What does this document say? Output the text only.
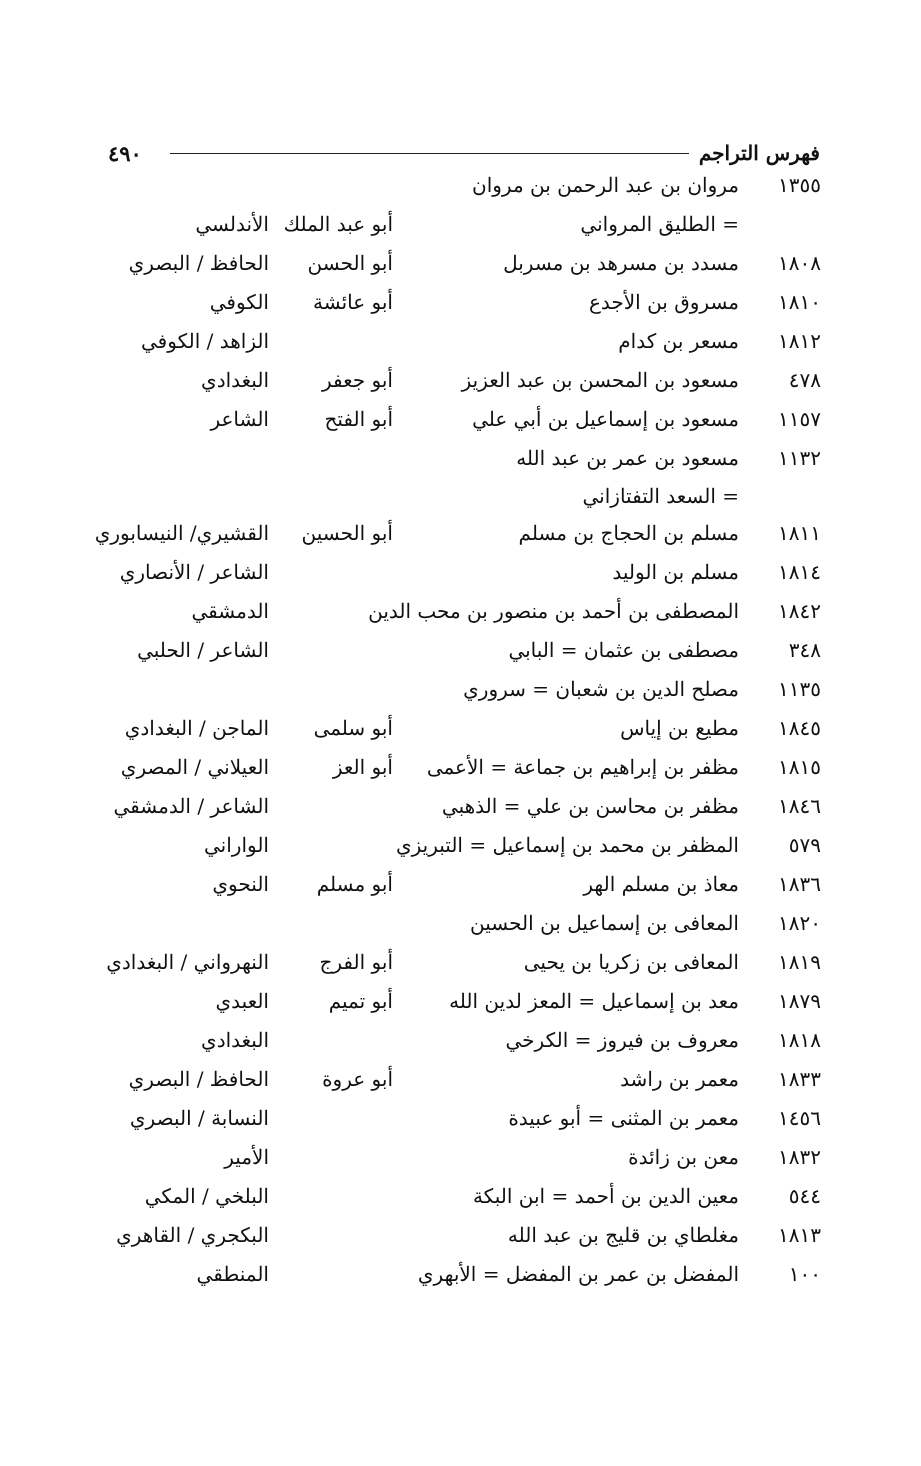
٤٩٠	فهرس التراجم
١٣٥٥
مروان بن عبد الرحمن بن مروان
= الطليق المرواني
أبو عبد الملك
الأندلسي
١٨٠٨
مسدد بن مسرهد بن مسربل
أبو الحسن
الحافظ / البصري
١٨١٠
مسروق بن الأجدع
أبو عائشة
الكوفي
١٨١٢
مسعر بن كدام
الزاهد / الكوفي
٤٧٨
مسعود بن المحسن بن عبد العزيز
أبو جعفر
البغدادي
١١٥٧
مسعود بن إسماعيل بن أبي علي
أبو الفتح
الشاعر
١١٣٢
مسعود بن عمر بن عبد الله
= السعد التفتازاني
١٨١١
مسلم بن الحجاج بن مسلم
أبو الحسين
القشيري/ النيسابوري
١٨١٤
مسلم بن الوليد
الشاعر / الأنصاري
١٨٤٢
المصطفى بن أحمد بن منصور بن محب الدين
الدمشقي
٣٤٨
مصطفى بن عثمان = البابي
الشاعر / الحلبي
١١٣٥
مصلح الدين بن شعبان = سروري
١٨٤٥
مطيع بن إياس
أبو سلمى
الماجن / البغدادي
١٨١٥
مظفر بن إبراهيم بن جماعة = الأعمى
أبو العز
العيلاني / المصري
١٨٤٦
مظفر بن محاسن بن علي = الذهبي
الشاعر / الدمشقي
٥٧٩
المظفر بن محمد بن إسماعيل = التبريزي
الواراني
١٨٣٦
معاذ بن مسلم الهر
أبو مسلم
النحوي
١٨٢٠
المعافى بن إسماعيل بن الحسين
١٨١٩
المعافى بن زكريا بن يحيى
أبو الفرج
النهرواني / البغدادي
١٨٧٩
معد بن إسماعيل = المعز لدين الله
أبو تميم
العبدي
١٨١٨
معروف بن فيروز = الكرخي
البغدادي
١٨٣٣
معمر بن راشد
أبو عروة
الحافظ / البصري
١٤٥٦
معمر بن المثنى = أبو عبيدة
النسابة / البصري
١٨٣٢
معن بن زائدة
الأمير
٥٤٤
معين الدين بن أحمد = ابن البكة
البلخي / المكي
١٨١٣
مغلطاي بن قليج بن عبد الله
البكجري / القاهري
١٠٠
المفضل بن عمر بن المفضل = الأبهري
المنطقي
